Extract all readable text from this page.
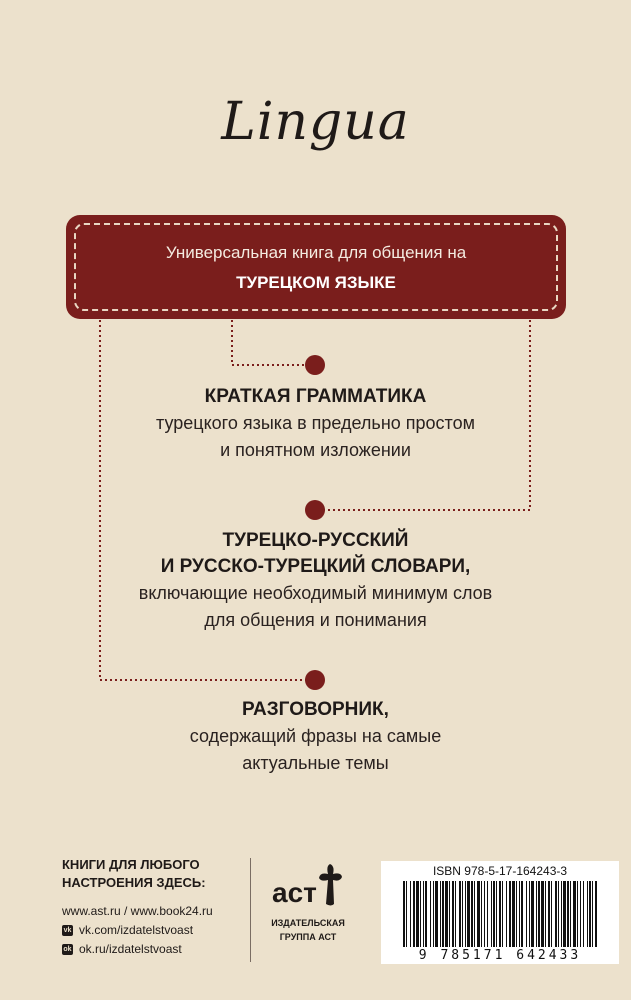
Lingua
Универсальная книга для общения на
ТУРЕЦКОМ ЯЗЫКЕ
КРАТКАЯ ГРАММАТИКА
турецкого языка в предельно простом
и понятном изложении
ТУРЕЦКО-РУССКИЙ
И РУССКО-ТУРЕЦКИЙ СЛОВАРИ,
включающие необходимый минимум слов
для общения и понимания
РАЗГОВОРНИК,
содержащий фразы на самые
актуальные темы
КНИГИ ДЛЯ ЛЮБОГО
НАСТРОЕНИЯ ЗДЕСЬ:
www.ast.ru / www.book24.ru
vk vk.com/izdatelstvoast
ok ok.ru/izdatelstvoast
аст
ИЗДАТЕЛЬСКАЯ
ГРУППА АСТ
ISBN 978-5-17-164243-3
9 785171 642433
